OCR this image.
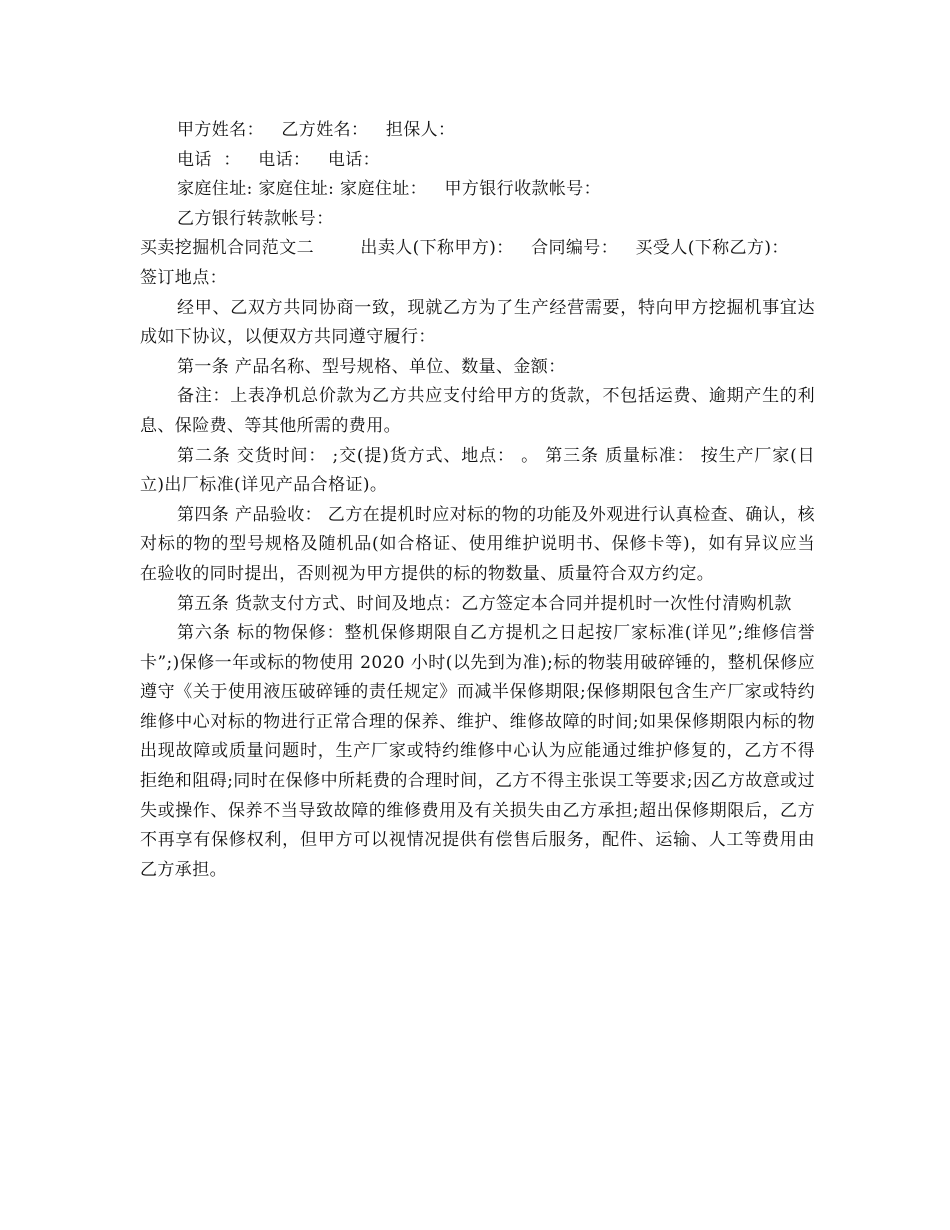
甲方姓名：   乙方姓名：   担保人：
电话  ：   电话：   电话：
家庭住址: 家庭住址: 家庭住址：   甲方银行收款帐号：
乙方银行转款帐号：
买卖挖掘机合同范文二        出卖人(下称甲方)：   合同编号：   买受人(下称乙方)：
签订地点：

经甲、乙双方共同协商一致，现就乙方为了生产经营需要，特向甲方挖掘机事宜达成如下协议，以便双方共同遵守履行：

第一条 产品名称、型号规格、单位、数量、金额：

备注：上表净机总价款为乙方共应支付给甲方的货款，不包括运费、逾期产生的利息、保险费、等其他所需的费用。

第二条 交货时间： ;交(提)货方式、地点： 。 第三条 质量标准： 按生产厂家(日立)出厂标准(详见产品合格证)。

第四条 产品验收： 乙方在提机时应对标的物的功能及外观进行认真检查、确认，核对标的物的型号规格及随机品(如合格证、使用维护说明书、保修卡等)，如有异议应当在验收的同时提出，否则视为甲方提供的标的物数量、质量符合双方约定。

第五条 货款支付方式、时间及地点：乙方签定本合同并提机时一次性付清购机款

第六条 标的物保修：整机保修期限自乙方提机之日起按厂家标准(详见”;维修信誉卡”;)保修一年或标的物使用 2020 小时(以先到为准);标的物装用破碎锤的，整机保修应遵守《关于使用液压破碎锤的责任规定》而减半保修期限;保修期限包含生产厂家或特约维修中心对标的物进行正常合理的保养、维护、维修故障的时间;如果保修期限内标的物出现故障或质量问题时，生产厂家或特约维修中心认为应能通过维护修复的，乙方不得拒绝和阻碍;同时在保修中所耗费的合理时间，乙方不得主张误工等要求;因乙方故意或过失或操作、保养不当导致故障的维修费用及有关损失由乙方承担;超出保修期限后，乙方不再享有保修权利，但甲方可以视情况提供有偿售后服务，配件、运输、人工等费用由乙方承担。
